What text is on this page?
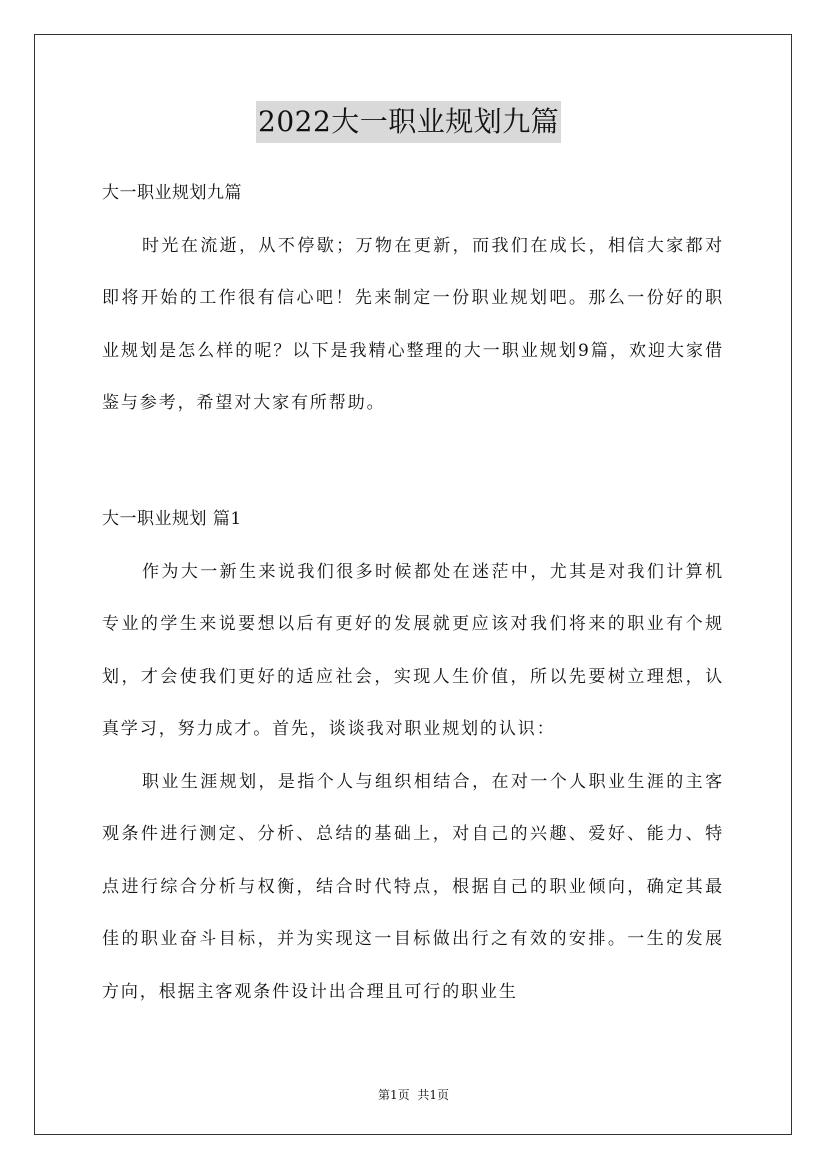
2022大一职业规划九篇
大一职业规划九篇

时光在流逝，从不停歇；万物在更新，而我们在成长，相信大家都对即将开始的工作很有信心吧！先来制定一份职业规划吧。那么一份好的职业规划是怎么样的呢？以下是我精心整理的大一职业规划9篇，欢迎大家借鉴与参考，希望对大家有所帮助。

大一职业规划 篇1

作为大一新生来说我们很多时候都处在迷茫中，尤其是对我们计算机专业的学生来说要想以后有更好的发展就更应该对我们将来的职业有个规划，才会使我们更好的适应社会，实现人生价值，所以先要树立理想，认真学习，努力成才。首先，谈谈我对职业规划的认识：

职业生涯规划，是指个人与组织相结合，在对一个人职业生涯的主客观条件进行测定、分析、总结的基础上，对自己的兴趣、爱好、能力、特点进行综合分析与权衡，结合时代特点，根据自己的职业倾向，确定其最佳的职业奋斗目标，并为实现这一目标做出行之有效的安排。一生的发展方向，根据主客观条件设计出合理且可行的职业生

第1页 共1页
